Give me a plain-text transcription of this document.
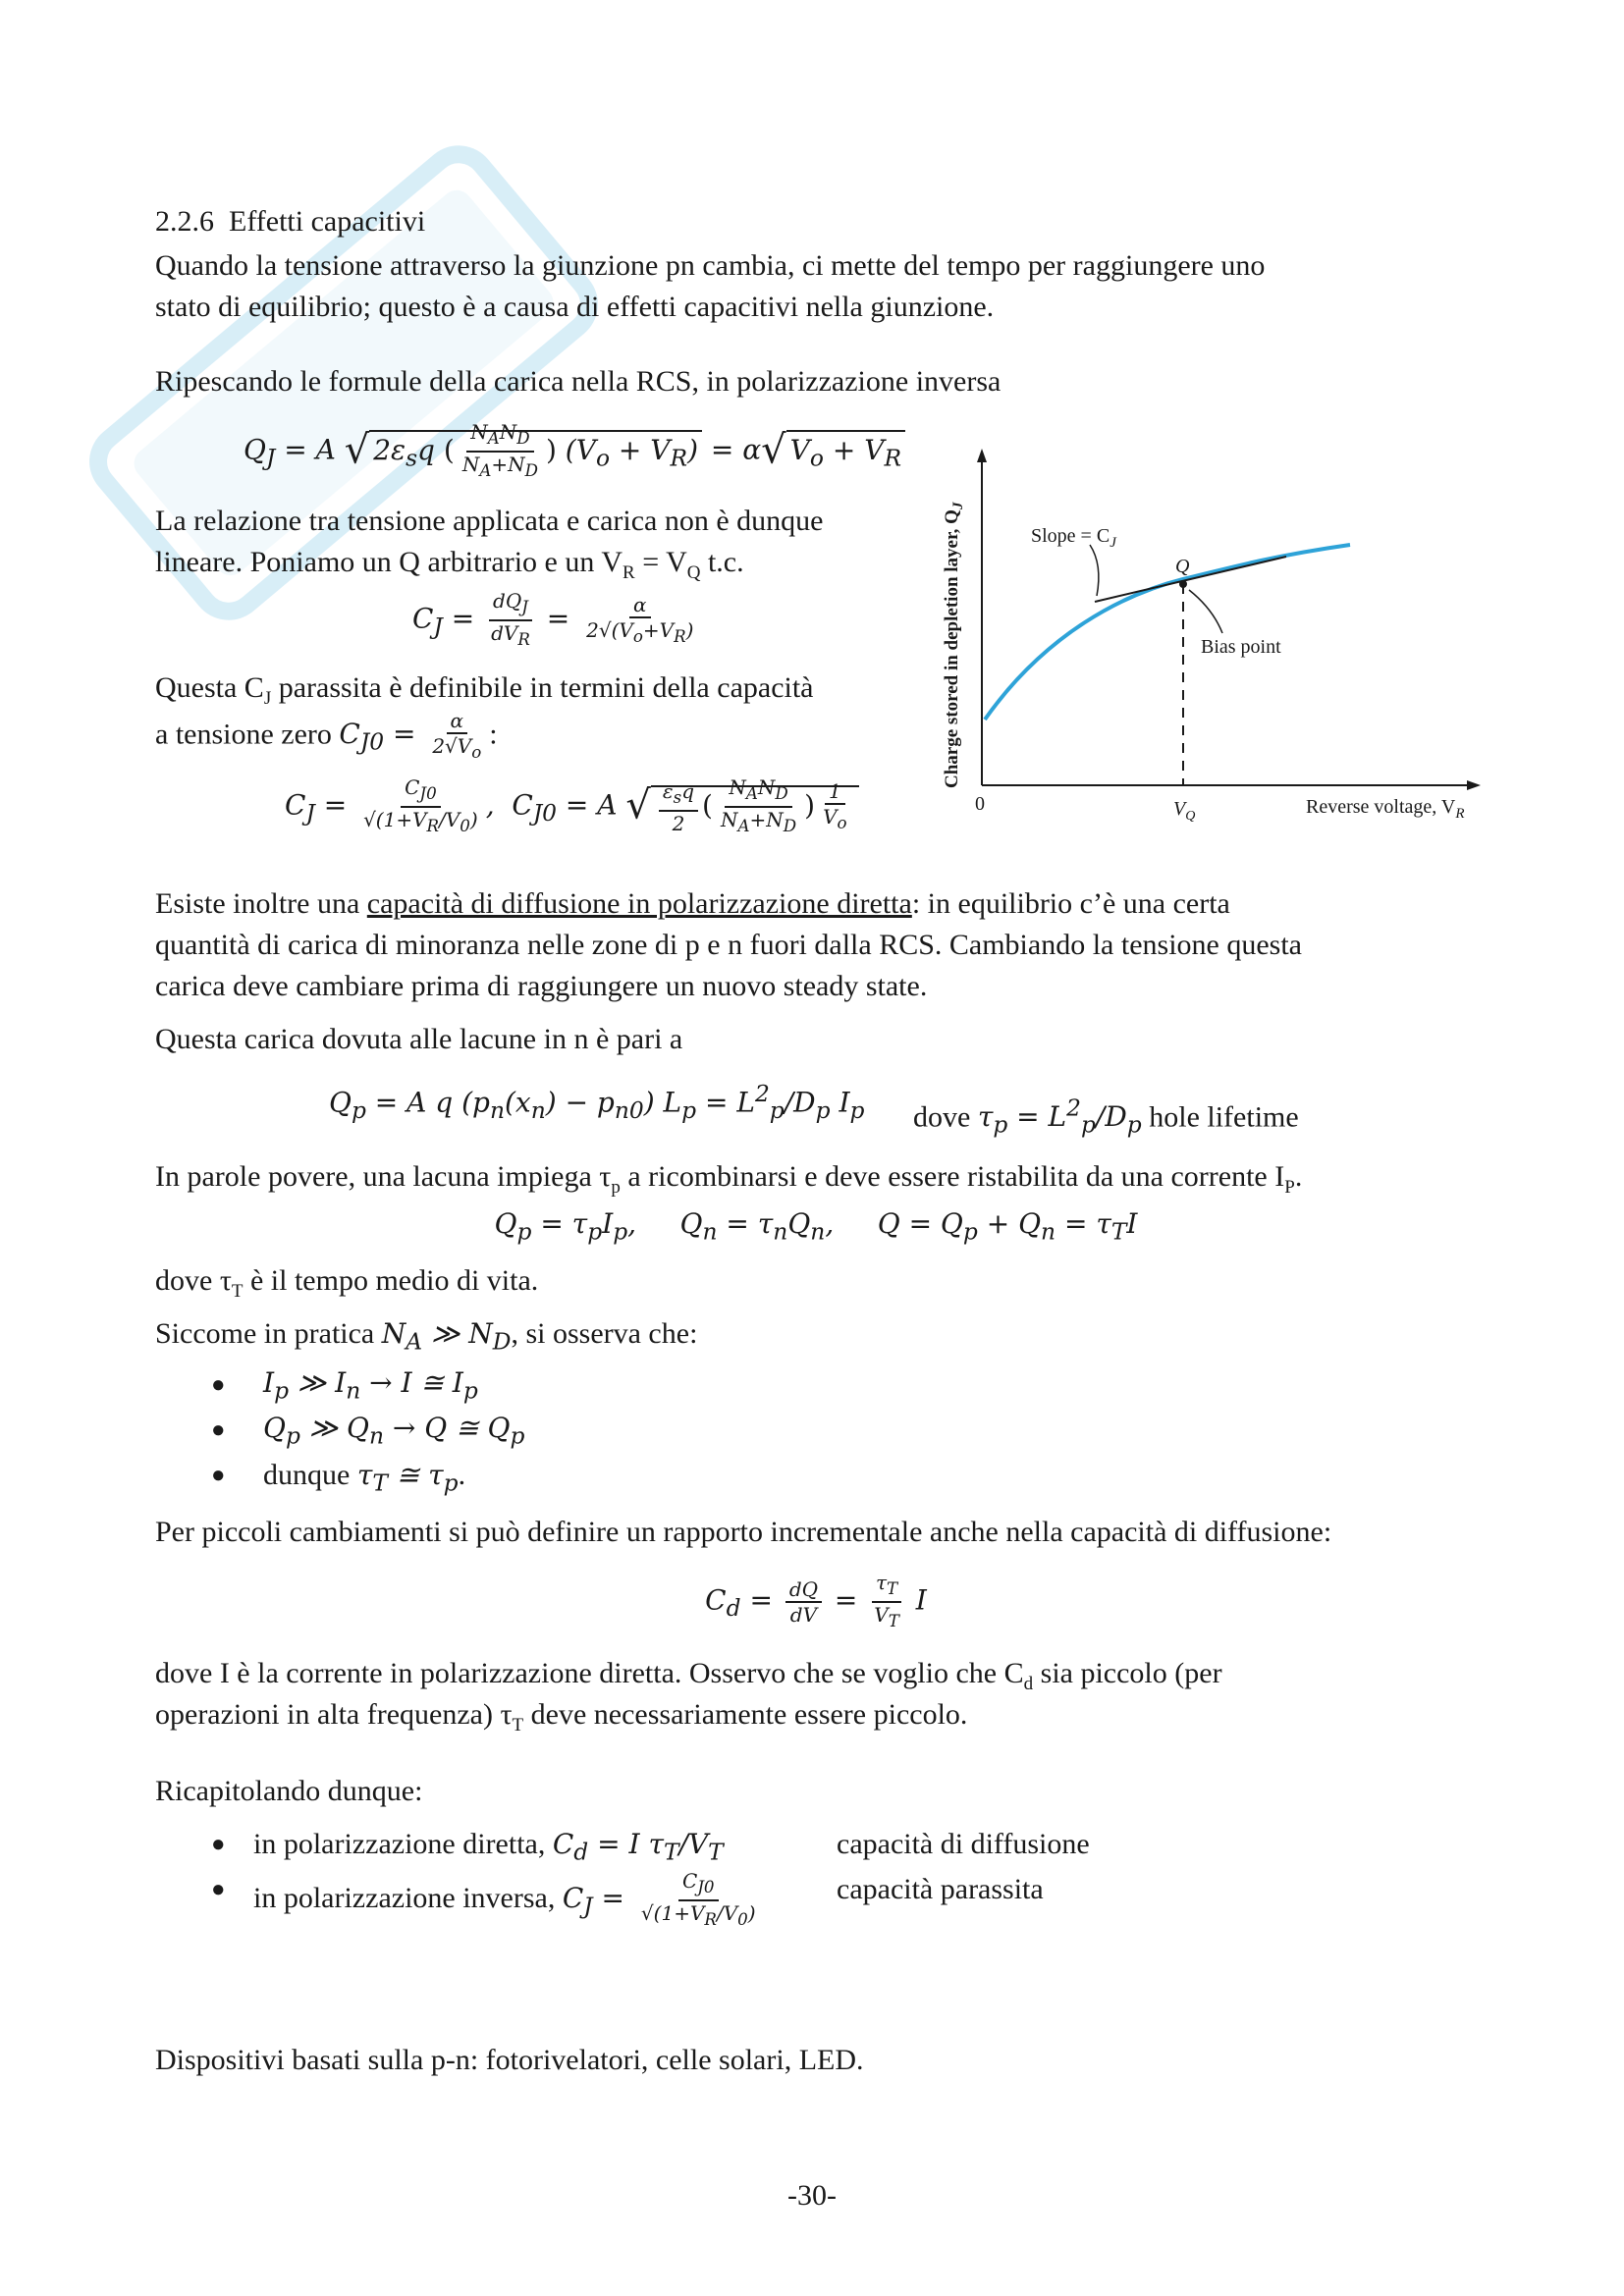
2.2.6 Effetti capacitivi
Quando la tensione attraverso la giunzione pn cambia, ci mette del tempo per raggiungere uno
stato di equilibrio; questo è a causa di effetti capacitivi nella giunzione.
Ripescando le formule della carica nella RCS, in polarizzazione inversa
$Q_J = A$ √ $2\varepsilon_sq$ ( $\frac{N_AN_D}{N_A+N_D}$ ) $(V_o + V_R) = \alpha√$ $V_o + V_R$
La relazione tra tensione applicata e carica non è dunque
lineare. Poniamo un Q arbitrario e un $V_R = V_Q$ t.c.
$C_J = \frac{dQ_J}{dV_R} = \frac{\alpha}{2√(V_o+V_R)}$
Questa $C_J$ parassita è definibile in termini della capacità
a tensione zero $C_{J0} = \frac{\alpha}{2√V_o}$ :
$C_J = \frac{C_{J0}}{√(1+V_R/V_0)}$ ,  $C_{J0} = A$ √ $\frac{\varepsilon_sq}{2}$ ( $\frac{N_AN_D}{N_A+N_D}$ ) $\frac{1}{V_o}$
Slope = $C_J$
Q
Bias point
0	$V_Q$	Reverse voltage, $V_R$
Charge stored in depletion layer, $Q_J$
Esiste inoltre una capacità di diffusione in polarizzazione diretta: in equilibrio c’è una certa
quantità di carica di minoranza nelle zone di p e n fuori dalla RCS. Cambiando la tensione questa
carica deve cambiare prima di raggiungere un nuovo steady state.
Questa carica dovuta alle lacune in n è pari a
$Q_p = A$ q $(p_n(x_n) - p_{n0}) L_p = L^2_p/D_p$ $I_p$ dove $\tau_p = L^2_p/D_p$ hole lifetime
In parole povere, una lacuna impiega $\tau_p$ a ricombinarsi e deve essere ristabilita da una corrente $I_P$.
$Q_p = \tau_pI_p$,     $Q_n = \tau_nQ_n$,     $Q = Q_p + Q_n = \tau_TI$
dove $\tau_T$ è il tempo medio di vita.
Siccome in pratica $N_A$ ≫ $N_D$, si osserva che:
● $I_p$ ≫ $I_n \to I$ ≅ $I_p$
● $Q_p$ ≫ $Q_n \to Q$ ≅ $Q_p$
● dunque $\tau_T$ ≅ $\tau_p$.
Per piccoli cambiamenti si può definire un rapporto incrementale anche nella capacità di diffusione:
$C_d = \frac{dQ}{dV} = \frac{\tau_T}{V_T}$ I
dove I è la corrente in polarizzazione diretta. Osservo che se voglio che $C_d$ sia piccolo (per
operazioni in alta frequenza) $\tau_T$ deve necessariamente essere piccolo.
Ricapitolando dunque:
● in polarizzazione diretta, $C_d = I$ $\tau_T/V_T$	capacità di diffusione
● in polarizzazione inversa, $C_J = \frac{C_{J0}}{√(1+V_R/V_0)}$	capacità parassita
Dispositivi basati sulla p-n: fotorivelatori, celle solari, LED.
-30-
